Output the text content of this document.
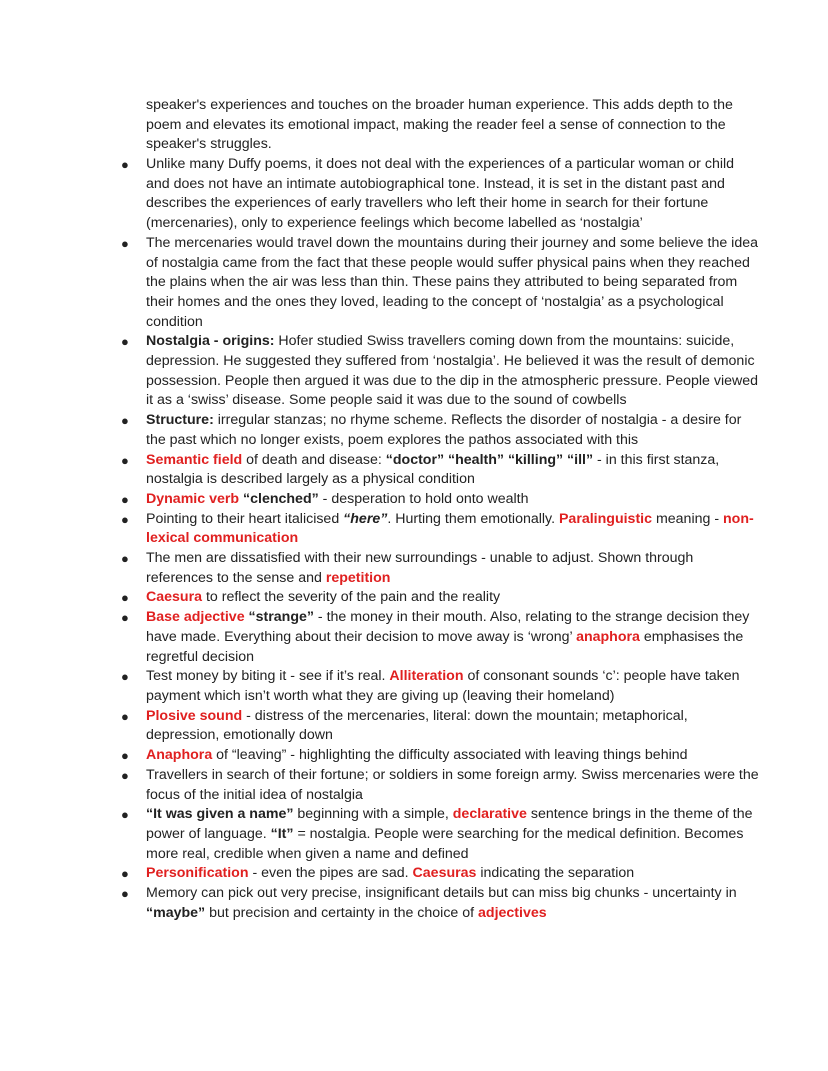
speaker's experiences and touches on the broader human experience. This adds depth to the poem and elevates its emotional impact, making the reader feel a sense of connection to the speaker's struggles.

● Unlike many Duffy poems, it does not deal with the experiences of a particular woman or child and does not have an intimate autobiographical tone. Instead, it is set in the distant past and describes the experiences of early travellers who left their home in search for their fortune (mercenaries), only to experience feelings which become labelled as ‘nostalgia’
● The mercenaries would travel down the mountains during their journey and some believe the idea of nostalgia came from the fact that these people would suffer physical pains when they reached the plains when the air was less than thin. These pains they attributed to being separated from their homes and the ones they loved, leading to the concept of ‘nostalgia’ as a psychological condition
● Nostalgia - origins: Hofer studied Swiss travellers coming down from the mountains: suicide, depression. He suggested they suffered from ‘nostalgia’. He believed it was the result of demonic possession. People then argued it was due to the dip in the atmospheric pressure. People viewed it as a ‘swiss’ disease. Some people said it was due to the sound of cowbells
● Structure: irregular stanzas; no rhyme scheme. Reflects the disorder of nostalgia - a desire for the past which no longer exists, poem explores the pathos associated with this
● Semantic field of death and disease: “doctor” “health” “killing” “ill” - in this first stanza, nostalgia is described largely as a physical condition
● Dynamic verb “clenched” - desperation to hold onto wealth
● Pointing to their heart italicised “here”. Hurting them emotionally. Paralinguistic meaning - non-lexical communication
● The men are dissatisfied with their new surroundings - unable to adjust. Shown through references to the sense and repetition
● Caesura to reflect the severity of the pain and the reality
● Base adjective “strange” - the money in their mouth. Also, relating to the strange decision they have made. Everything about their decision to move away is ‘wrong’ anaphora emphasises the regretful decision
● Test money by biting it - see if it’s real. Alliteration of consonant sounds ‘c’: people have taken payment which isn’t worth what they are giving up (leaving their homeland)
● Plosive sound - distress of the mercenaries, literal: down the mountain; metaphorical, depression, emotionally down
● Anaphora of “leaving” - highlighting the difficulty associated with leaving things behind
● Travellers in search of their fortune; or soldiers in some foreign army. Swiss mercenaries were the focus of the initial idea of nostalgia
● “It was given a name” beginning with a simple, declarative sentence brings in the theme of the power of language. “It” = nostalgia. People were searching for the medical definition. Becomes more real, credible when given a name and defined
● Personification - even the pipes are sad. Caesuras indicating the separation
● Memory can pick out very precise, insignificant details but can miss big chunks - uncertainty in “maybe” but precision and certainty in the choice of adjectives
